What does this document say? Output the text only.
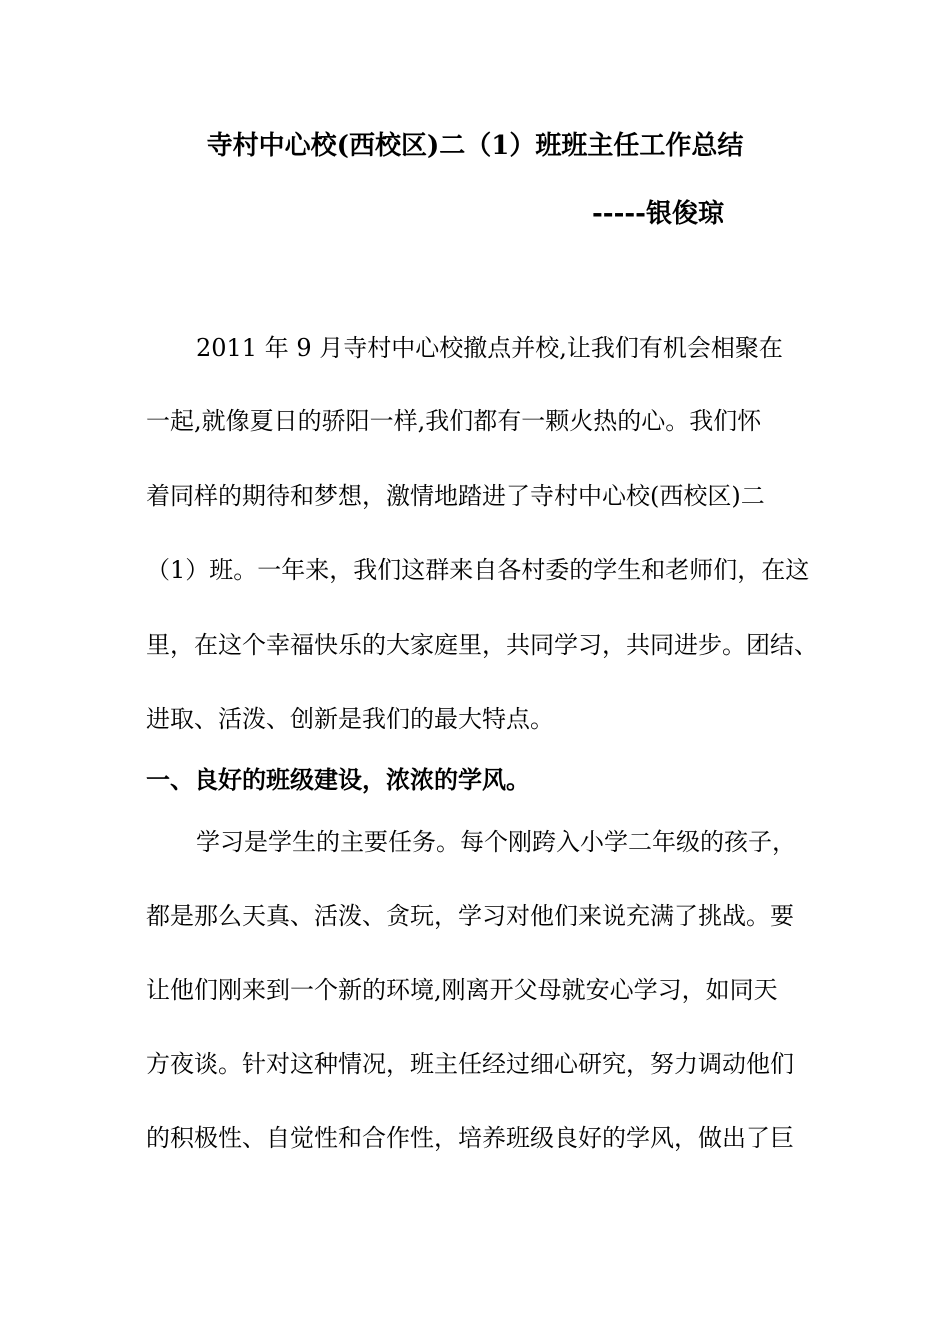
寺村中心校(西校区)二（1）班班主任工作总结
-----银俊琼
2011 年 9 月寺村中心校撤点并校,让我们有机会相聚在
一起,就像夏日的骄阳一样,我们都有一颗火热的心。我们怀
着同样的期待和梦想，激情地踏进了寺村中心校(西校区)二
（1）班。一年来，我们这群来自各村委的学生和老师们，在这
里，在这个幸福快乐的大家庭里，共同学习，共同进步。团结、
进取、活泼、创新是我们的最大特点。
一、良好的班级建设，浓浓的学风。
学习是学生的主要任务。每个刚跨入小学二年级的孩子，
都是那么天真、活泼、贪玩，学习对他们来说充满了挑战。要
让他们刚来到一个新的环境,刚离开父母就安心学习，如同天
方夜谈。针对这种情况，班主任经过细心研究，努力调动他们
的积极性、自觉性和合作性，培养班级良好的学风，做出了巨
